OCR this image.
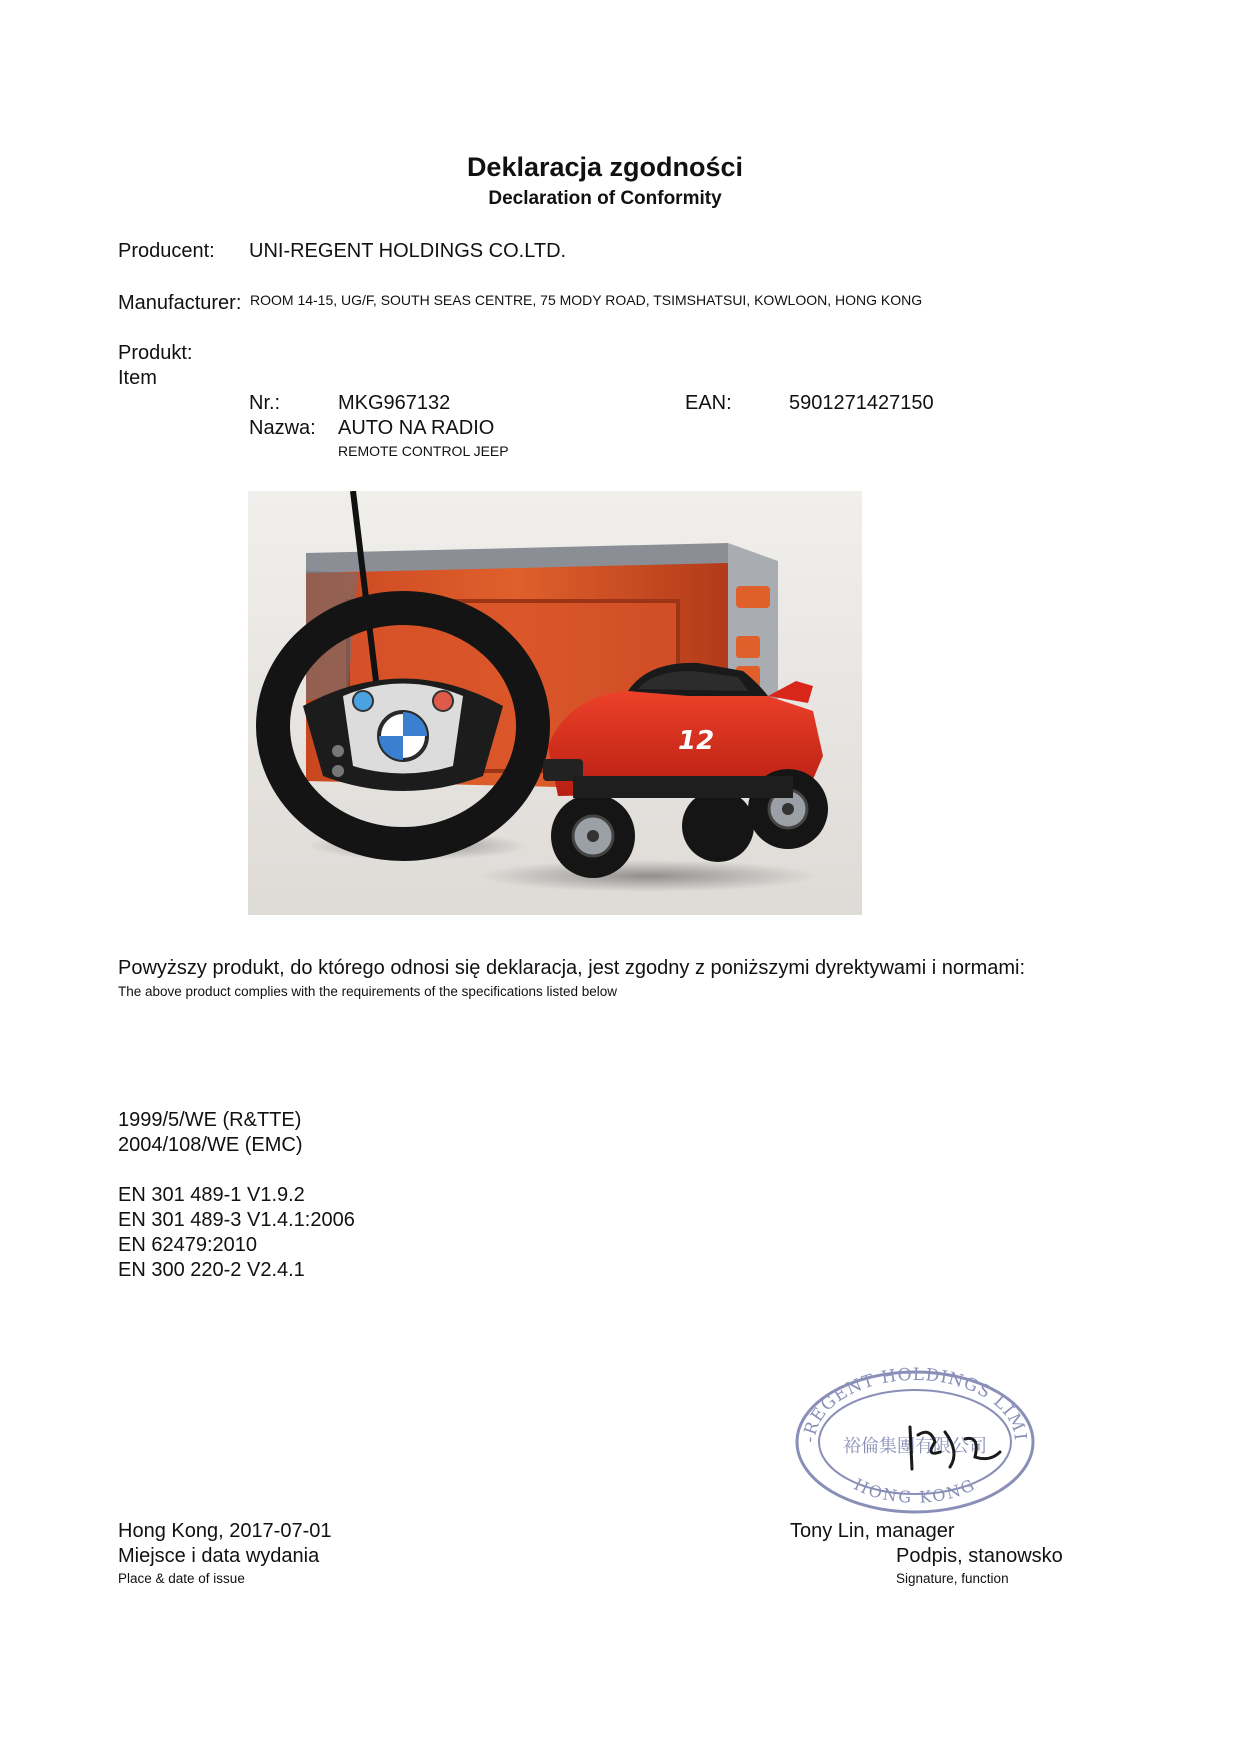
Deklaracja zgodności
Declaration of Conformity
Producent: UNI-REGENT HOLDINGS CO.LTD.
Manufacturer: ROOM 14-15, UG/F, SOUTH SEAS CENTRE, 75 MODY ROAD, TSIMSHATSUI, KOWLOON, HONG KONG
Produkt:
Item
Nr.:	MKG967132	EAN:	5901271427150
Nazwa: AUTO NA RADIO
REMOTE CONTROL JEEP
12
Powyższy produkt, do którego odnosi się deklaracja, jest zgodny z poniższymi dyrektywami i normami:
The above product complies with the requirements of the specifications listed below
1999/5/WE (R&TTE)
2004/108/WE (EMC)
EN 301 489-1 V1.9.2
EN 301 489-3 V1.4.1:2006
EN 62479:2010
EN 300 220-2 V2.4.1
-REGENT HOLDINGS LIMI
HONG KONG
裕倫集團有限公司
Hong Kong, 2017-07-01
Miejsce i data wydania
Place & date of issue
Tony Lin, manager
Podpis, stanowsko
Signature, function
